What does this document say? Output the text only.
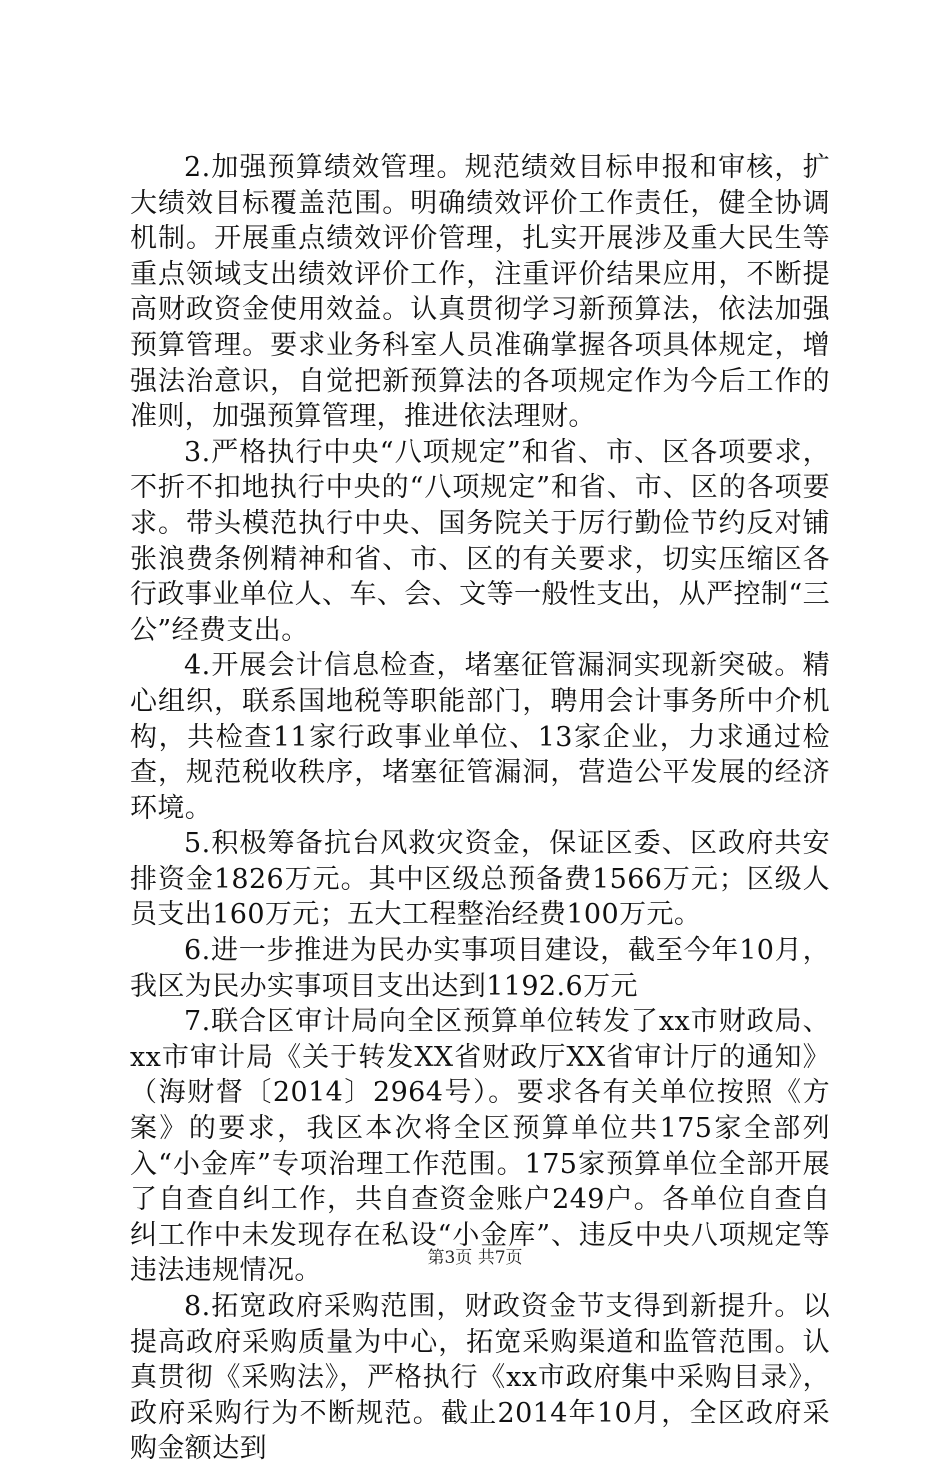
2.加强预算绩效管理。规范绩效目标申报和审核，扩大绩效目标覆盖范围。明确绩效评价工作责任，健全协调机制。开展重点绩效评价管理，扎实开展涉及重大民生等重点领域支出绩效评价工作，注重评价结果应用，不断提高财政资金使用效益。认真贯彻学习新预算法，依法加强预算管理。要求业务科室人员准确掌握各项具体规定，增强法治意识，自觉把新预算法的各项规定作为今后工作的准则，加强预算管理，推进依法理财。

3.严格执行中央“八项规定”和省、市、区各项要求，不折不扣地执行中央的“八项规定”和省、市、区的各项要求。带头模范执行中央、国务院关于厉行勤俭节约反对铺张浪费条例精神和省、市、区的有关要求，切实压缩区各行政事业单位人、车、会、文等一般性支出，从严控制“三公”经费支出。

4.开展会计信息检查，堵塞征管漏洞实现新突破。精心组织，联系国地税等职能部门，聘用会计事务所中介机构，共检查11家行政事业单位、13家企业，力求通过检查，规范税收秩序，堵塞征管漏洞，营造公平发展的经济环境。

5.积极筹备抗台风救灾资金，保证区委、区政府共安排资金1826万元。其中区级总预备费1566万元；区级人员支出160万元；五大工程整治经费100万元。

6.进一步推进为民办实事项目建设，截至今年10月，我区为民办实事项目支出达到1192.6万元

7.联合区审计局向全区预算单位转发了xx市财政局、xx市审计局《关于转发XX省财政厅XX省审计厅的通知》（海财督〔2014〕2964号）。要求各有关单位按照《方案》的要求，我区本次将全区预算单位共175家全部列入“小金库”专项治理工作范围。175家预算单位全部开展了自查自纠工作，共自查资金账户249户。各单位自查自纠工作中未发现存在私设“小金库”、违反中央八项规定等违法违规情况。

8.拓宽政府采购范围，财政资金节支得到新提升。以提高政府采购质量为中心，拓宽采购渠道和监管范围。认真贯彻《采购法》，严格执行《xx市政府集中采购目录》，政府采购行为不断规范。截止2014年10月，全区政府采购金额达到

第3页 共7页
